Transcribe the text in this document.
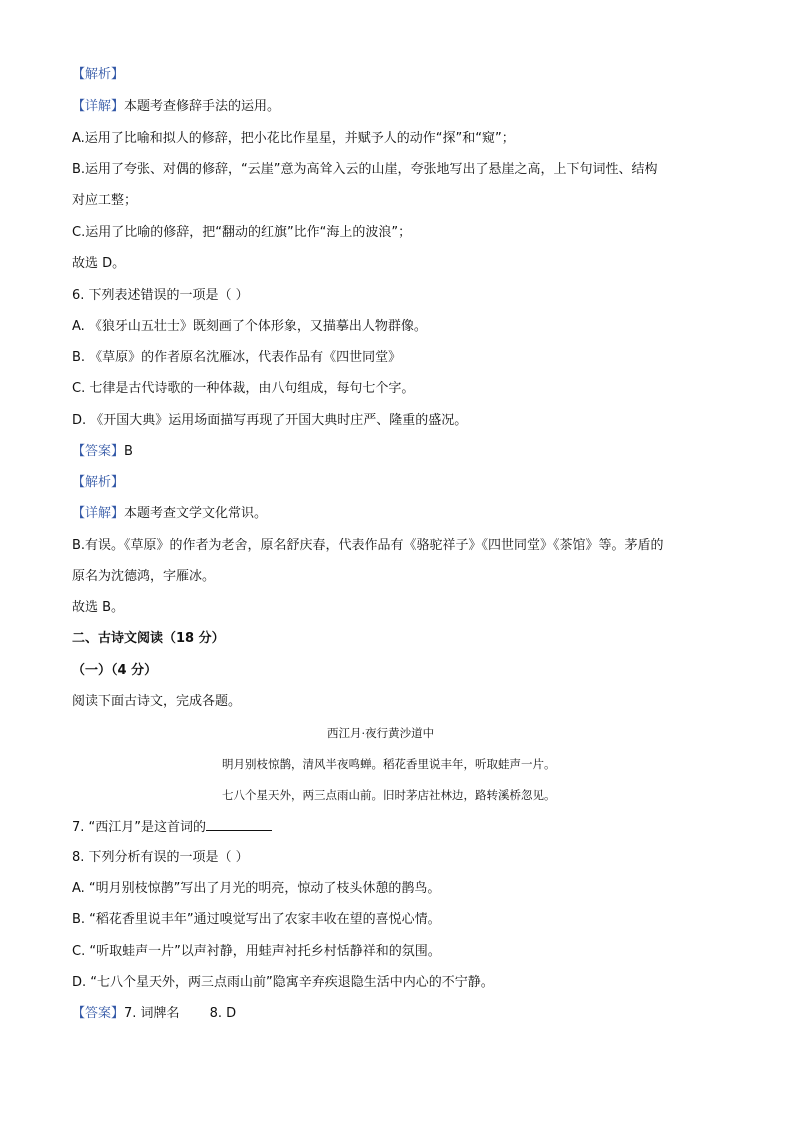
【解析】
【详解】本题考查修辞手法的运用。
A.运用了比喻和拟人的修辞，把小花比作星星，并赋予人的动作“探”和“窥”；
B.运用了夸张、对偶的修辞，“云崖”意为高耸入云的山崖，夸张地写出了悬崖之高，上下句词性、结构
对应工整；
C.运用了比喻的修辞，把“翻动的红旗”比作“海上的波浪”；
故选 D。
6. 下列表述错误的一项是（ ）
A. 《狼牙山五壮士》既刻画了个体形象，又描摹出人物群像。
B. 《草原》的作者原名沈雁冰，代表作品有《四世同堂》
C. 七律是古代诗歌的一种体裁，由八句组成，每句七个字。
D. 《开国大典》运用场面描写再现了开国大典时庄严、隆重的盛况。
【答案】B
【解析】
【详解】本题考查文学文化常识。
B.有误。《草原》的作者为老舍，原名舒庆春，代表作品有《骆驼祥子》《四世同堂》《茶馆》等。茅盾的
原名为沈德鸿，字雁冰。
故选 B。
二、古诗文阅读（18 分）
（一）（4 分）
阅读下面古诗文，完成各题。
西江月·夜行黄沙道中
明月别枝惊鹊，清风半夜鸣蝉。稻花香里说丰年，听取蛙声一片。
七八个星天外，两三点雨山前。旧时茅店社林边，路转溪桥忽见。
7. “西江月”是这首词的
8. 下列分析有误的一项是（ ）
A. “明月别枝惊鹊”写出了月光的明亮，惊动了枝头休憩的鹊鸟。
B. “稻花香里说丰年”通过嗅觉写出了农家丰收在望的喜悦心情。
C. “听取蛙声一片”以声衬静，用蛙声衬托乡村恬静祥和的氛围。
D. “七八个星天外，两三点雨山前”隐寓辛弃疾退隐生活中内心的不宁静。
【答案】7. 词牌名 8. D
